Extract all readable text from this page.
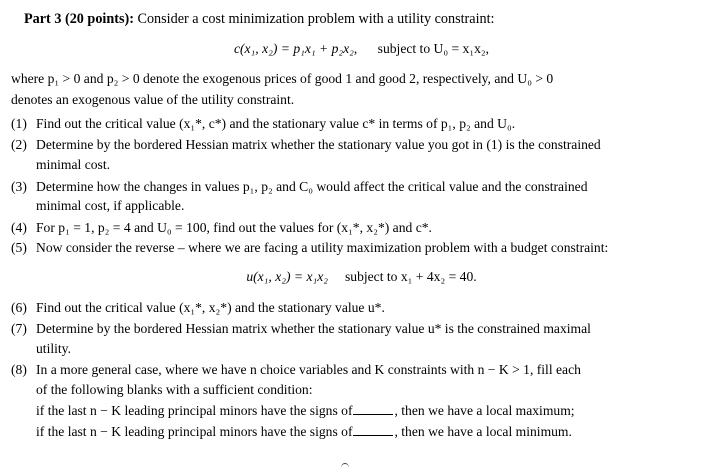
Part 3 (20 points): Consider a cost minimization problem with a utility constraint:
c(x₁, x₂) = p₁x₁ + p₂x₂, subject to U₀ = x₁x₂,
where p₁ > 0 and p₂ > 0 denote the exogenous prices of good 1 and good 2, respectively, and U₀ > 0
denotes an exogenous value of the utility constraint.
(1) Find out the critical value (x₁*, c*) and the stationary value c* in terms of p₁, p₂ and U₀.
(2) Determine by the bordered Hessian matrix whether the stationary value you got in (1) is the constrained
minimal cost.
(3) Determine how the changes in values p₁, p₂ and C₀ would affect the critical value and the constrained
minimal cost, if applicable.
(4) For p₁ = 1, p₂ = 4 and U₀ = 100, find out the values for (x₁*, x₂*) and c*.
(5) Now consider the reverse – where we are facing a utility maximization problem with a budget constraint:
u(x₁, x₂) = x₁x₂ subject to x₁ + 4x₂ = 40.
(6) Find out the critical value (x₁*, x₂*) and the stationary value u*.
(7) Determine by the bordered Hessian matrix whether the stationary value u* is the constrained maximal
utility.
(8) In a more general case, where we have n choice variables and K constraints with n − K > 1, fill each
of the following blanks with a sufficient condition:
if the last n − K leading principal minors have the signs of	, then we have a local maximum;
if the last n − K leading principal minors have the signs of	, then we have a local minimum.
